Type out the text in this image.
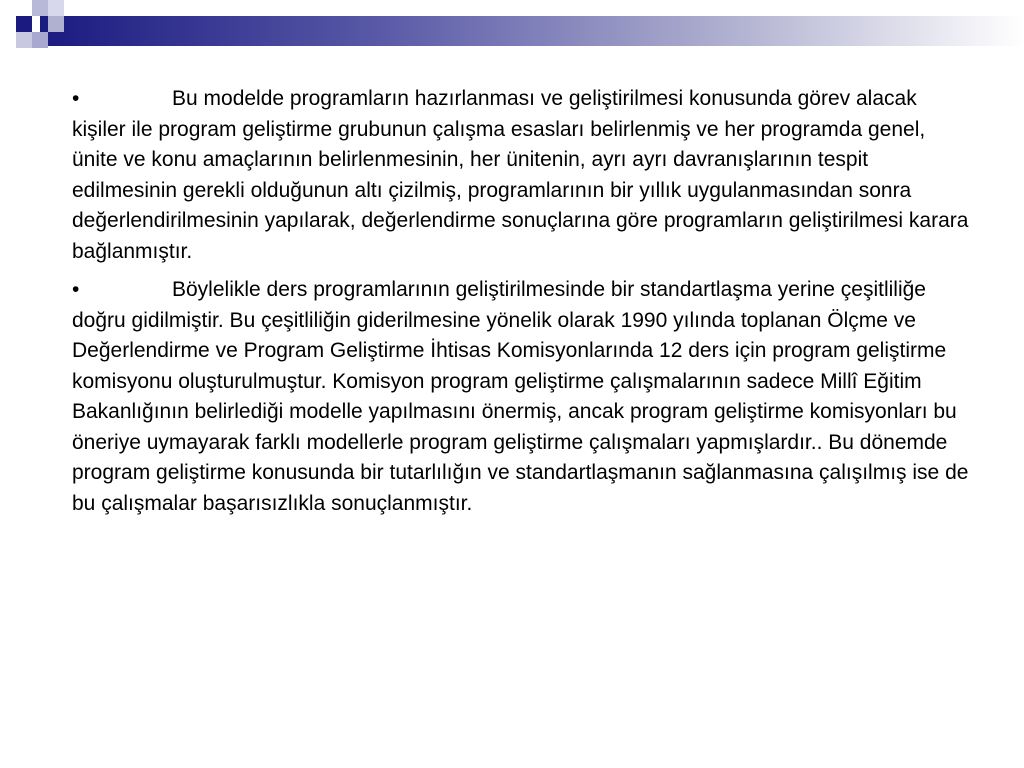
•	Bu modelde programların hazırlanması ve geliştirilmesi konusunda görev alacak kişiler ile program geliştirme grubunun çalışma esasları belirlenmiş ve her programda genel, ünite ve konu amaçlarının belirlenmesinin, her ünitenin, ayrı ayrı davranışlarının tespit edilmesinin gerekli olduğunun altı çizilmiş, programlarının bir yıllık uygulanmasından sonra değerlendirilmesinin yapılarak, değerlendirme sonuçlarına göre programların geliştirilmesi karara bağlanmıştır.

•	Böylelikle ders programlarının geliştirilmesinde bir standartlaşma yerine çeşitliliğe doğru gidilmiştir. Bu çeşitliliğin giderilmesine yönelik olarak 1990 yılında toplanan Ölçme ve Değerlendirme ve Program Geliştirme İhtisas Komisyonlarında 12 ders için program geliştirme komisyonu oluşturulmuştur. Komisyon program geliştirme çalışmalarının sadece Millî Eğitim Bakanlığının belirlediği modelle yapılmasını önermiş, ancak program geliştirme komisyonları bu öneriye uymayarak farklı modellerle program geliştirme çalışmaları yapmışlardır.. Bu dönemde program geliştirme konusunda bir tutarlılığın ve standartlaşmanın sağlanmasına çalışılmış ise de bu çalışmalar başarısızlıkla sonuçlanmıştır.
